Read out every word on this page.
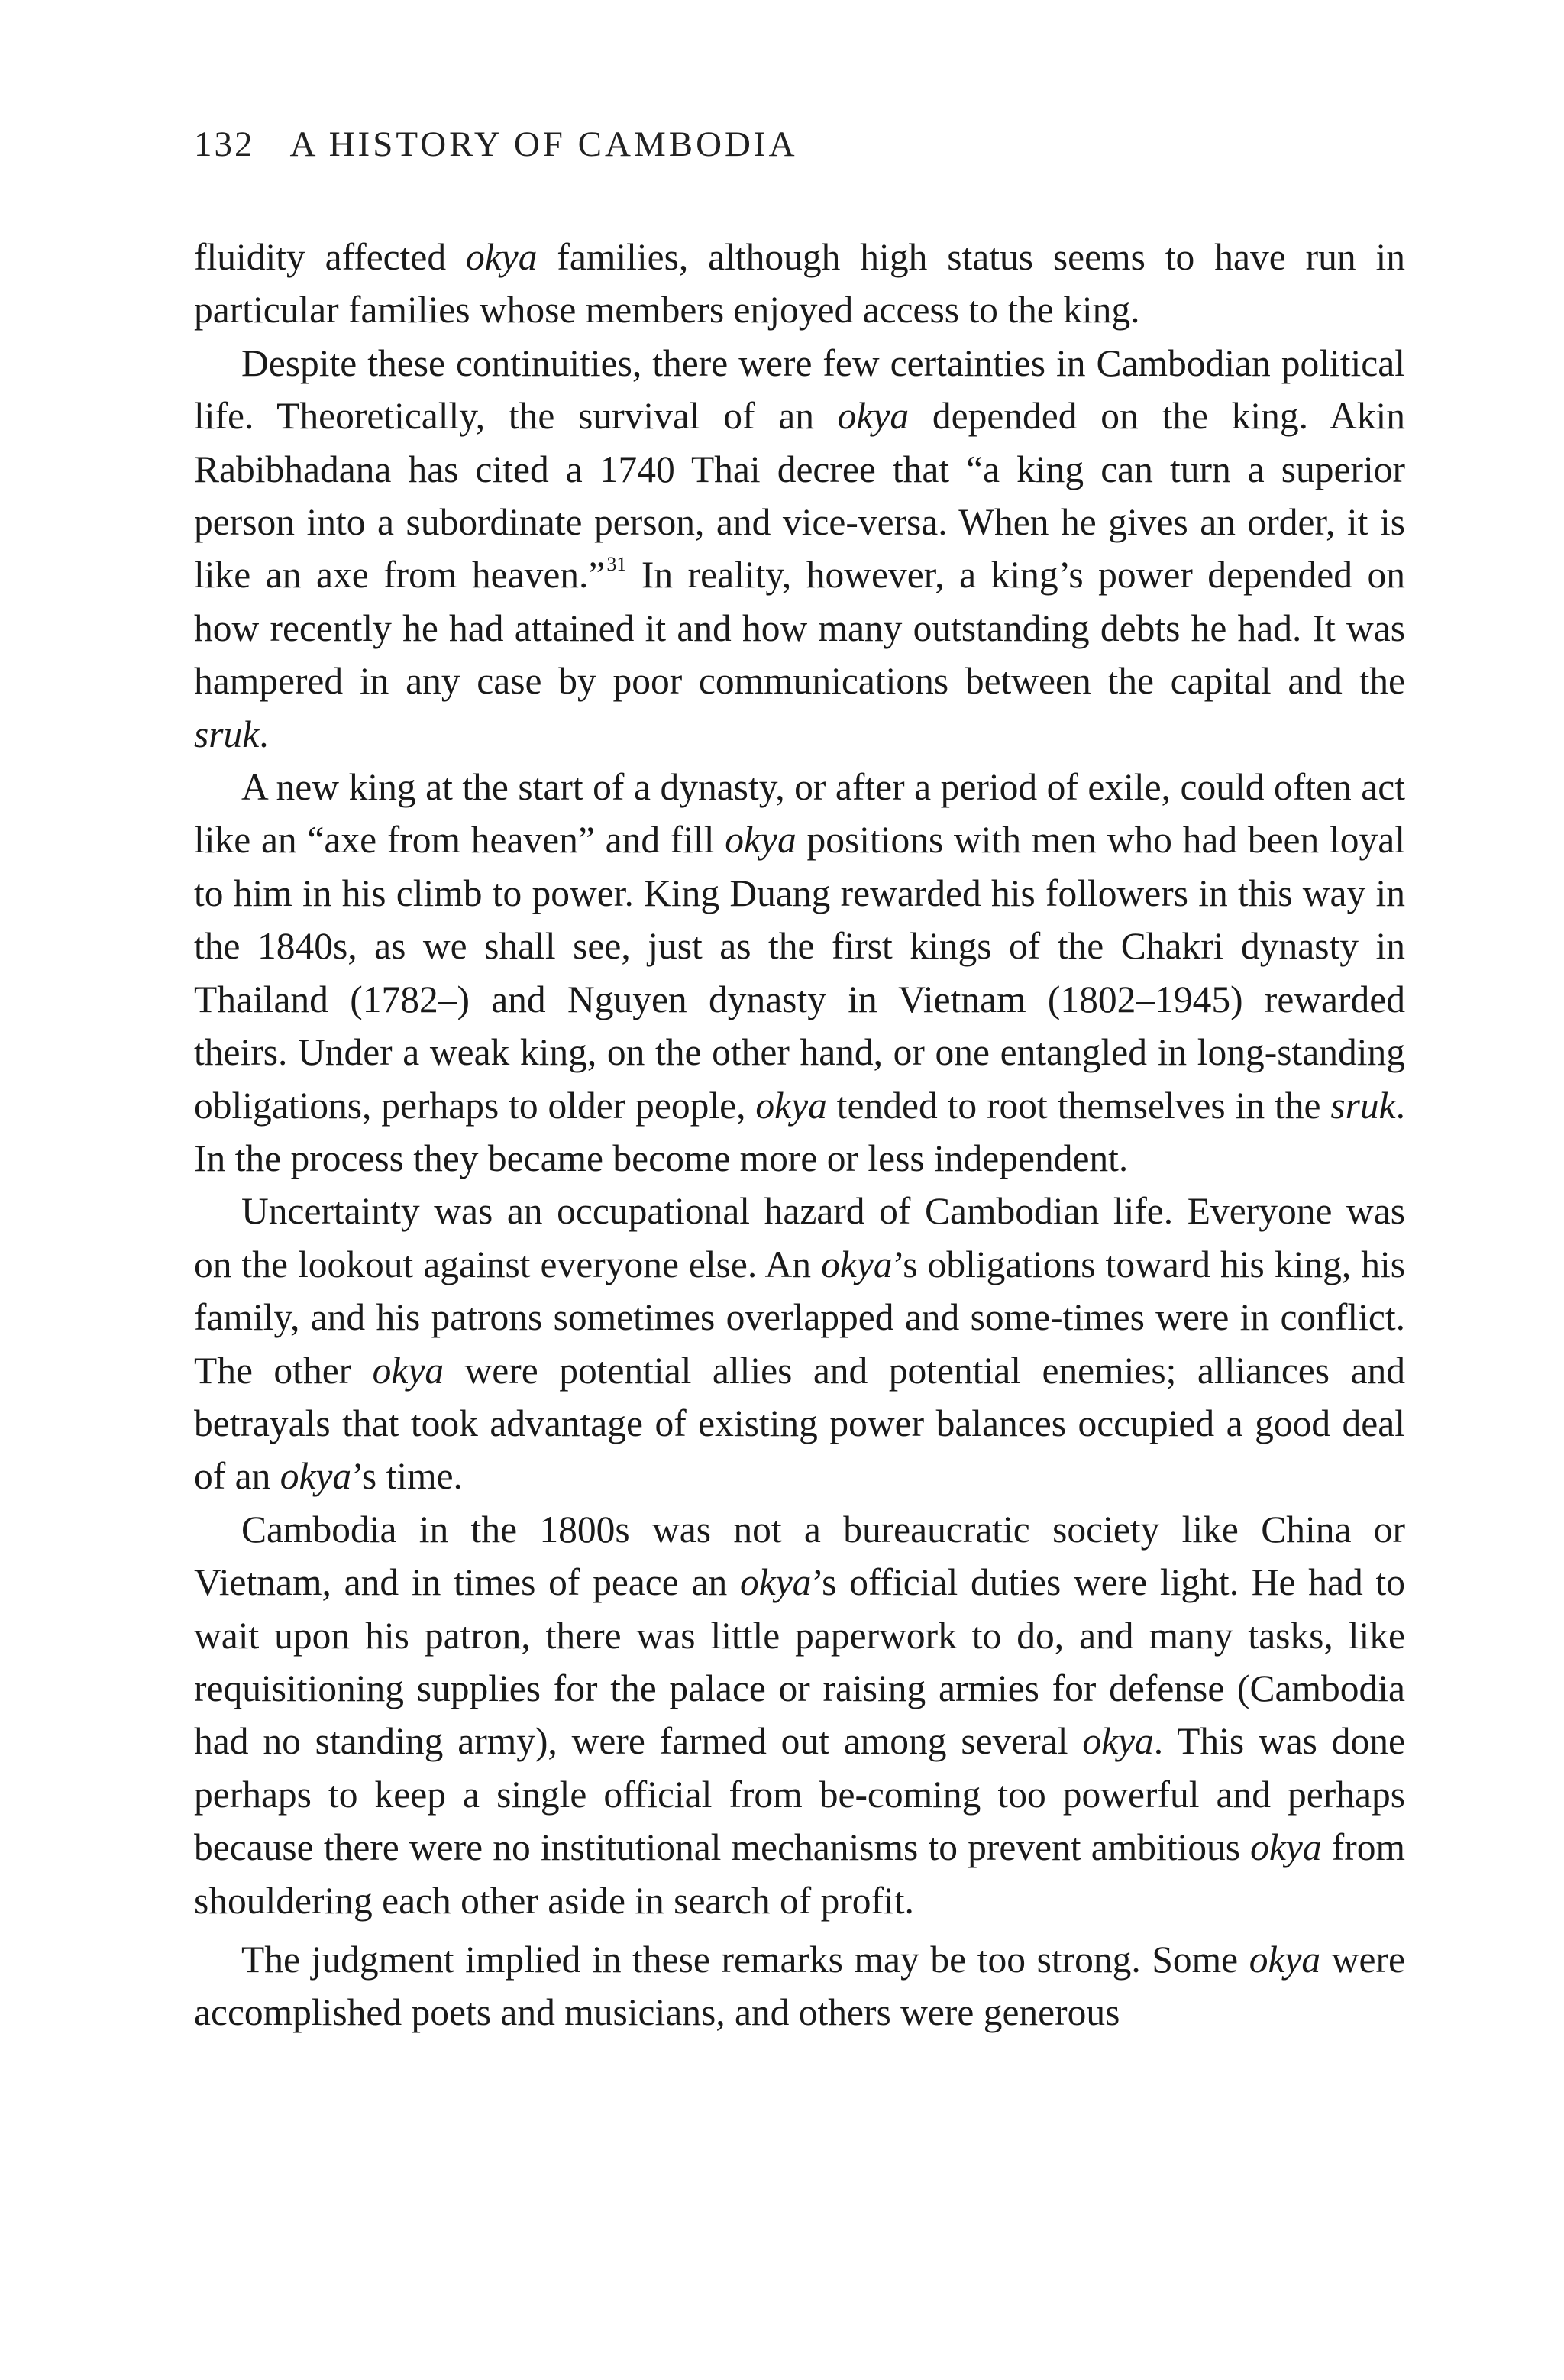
132 A HISTORY OF CAMBODIA

fluidity affected okya families, although high status seems to have run in particular families whose members enjoyed access to the king.

Despite these continuities, there were few certainties in Cambodian political life. Theoretically, the survival of an okya depended on the king. Akin Rabibhadana has cited a 1740 Thai decree that “a king can turn a superior person into a subordinate person, and vice-versa. When he gives an order, it is like an axe from heaven.”$^{31}$ In reality, however, a king’s power depended on how recently he had attained it and how many outstanding debts he had. It was hampered in any case by poor communications between the capital and the sruk.

A new king at the start of a dynasty, or after a period of exile, could often act like an “axe from heaven” and fill okya positions with men who had been loyal to him in his climb to power. King Duang rewarded his followers in this way in the 1840s, as we shall see, just as the first kings of the Chakri dynasty in Thailand (1782–) and Nguyen dynasty in Vietnam (1802–1945) rewarded theirs. Under a weak king, on the other hand, or one entangled in long-standing obligations, perhaps to older people, okya tended to root themselves in the sruk. In the process they became become more or less independent.

Uncertainty was an occupational hazard of Cambodian life. Everyone was on the lookout against everyone else. An okya’s obligations toward his king, his family, and his patrons sometimes overlapped and some-times were in conflict. The other okya were potential allies and potential enemies; alliances and betrayals that took advantage of existing power balances occupied a good deal of an okya’s time.

Cambodia in the 1800s was not a bureaucratic society like China or Vietnam, and in times of peace an okya’s official duties were light. He had to wait upon his patron, there was little paperwork to do, and many tasks, like requisitioning supplies for the palace or raising armies for defense (Cambodia had no standing army), were farmed out among several okya. This was done perhaps to keep a single official from be-coming too powerful and perhaps because there were no institutional mechanisms to prevent ambitious okya from shouldering each other aside in search of profit.

The judgment implied in these remarks may be too strong. Some okya were accomplished poets and musicians, and others were generous
